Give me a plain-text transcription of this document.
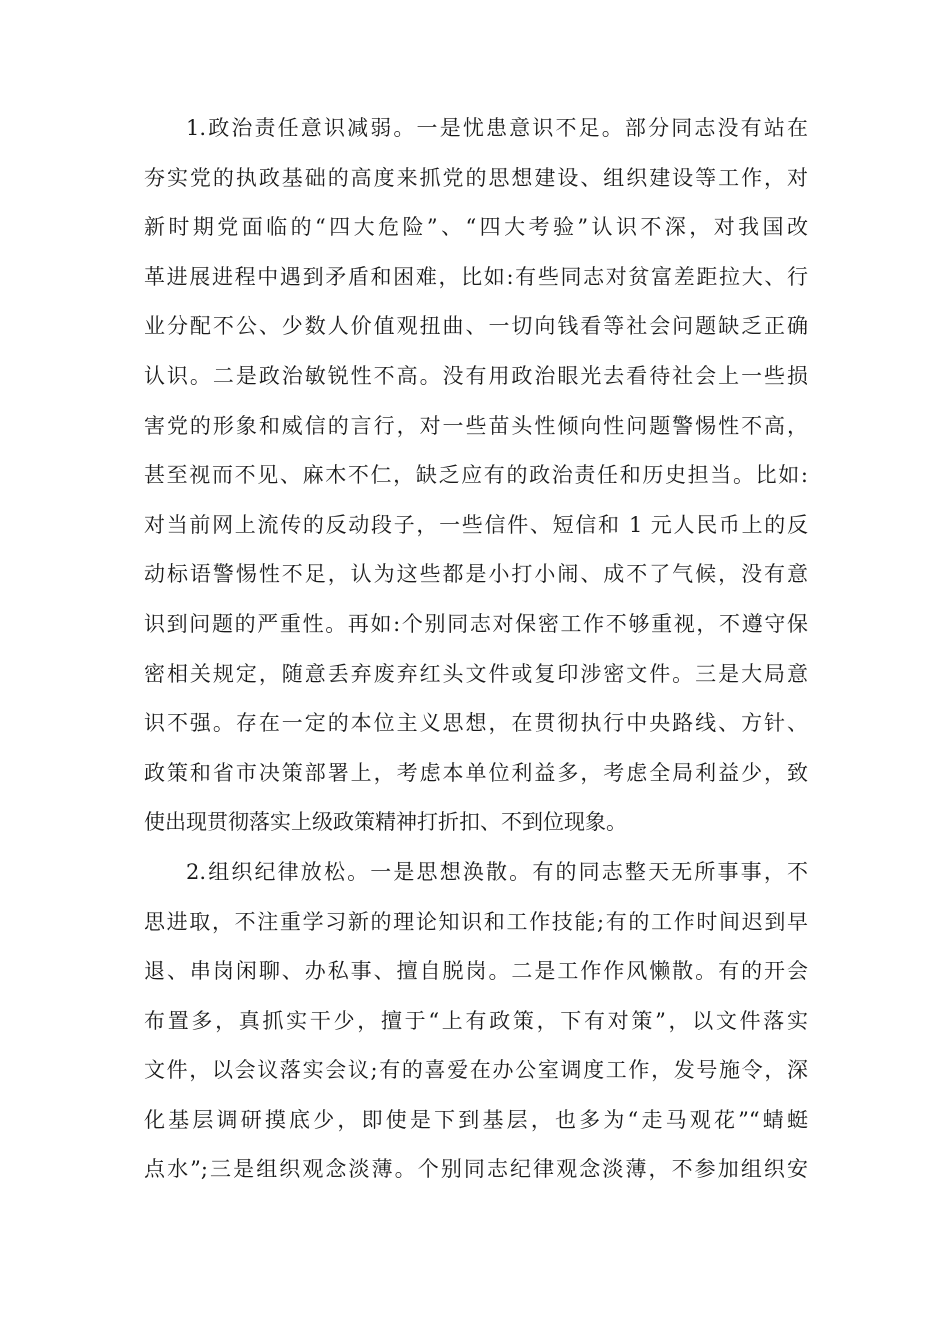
1.政治责任意识减弱。一是忧患意识不足。部分同志没有站在
夯实党的执政基础的高度来抓党的思想建设、组织建设等工作，对
新时期党面临的“四大危险”、“四大考验”认识不深，对我国改
革进展进程中遇到矛盾和困难，比如:有些同志对贫富差距拉大、行
业分配不公、少数人价值观扭曲、一切向钱看等社会问题缺乏正确
认识。二是政治敏锐性不高。没有用政治眼光去看待社会上一些损
害党的形象和威信的言行，对一些苗头性倾向性问题警惕性不高，
甚至视而不见、麻木不仁，缺乏应有的政治责任和历史担当。比如:
对当前网上流传的反动段子，一些信件、短信和 1 元人民币上的反
动标语警惕性不足，认为这些都是小打小闹、成不了气候，没有意
识到问题的严重性。再如:个别同志对保密工作不够重视，不遵守保
密相关规定，随意丢弃废弃红头文件或复印涉密文件。三是大局意
识不强。存在一定的本位主义思想，在贯彻执行中央路线、方针、
政策和省市决策部署上，考虑本单位利益多，考虑全局利益少，致
使出现贯彻落实上级政策精神打折扣、不到位现象。
2.组织纪律放松。一是思想涣散。有的同志整天无所事事，不
思进取，不注重学习新的理论知识和工作技能;有的工作时间迟到早
退、串岗闲聊、办私事、擅自脱岗。二是工作作风懒散。有的开会
布置多，真抓实干少，擅于“上有政策，下有对策”，以文件落实
文件，以会议落实会议;有的喜爱在办公室调度工作，发号施令，深
化基层调研摸底少，即使是下到基层，也多为“走马观花”“蜻蜓
点水”;三是组织观念淡薄。个别同志纪律观念淡薄，不参加组织安
